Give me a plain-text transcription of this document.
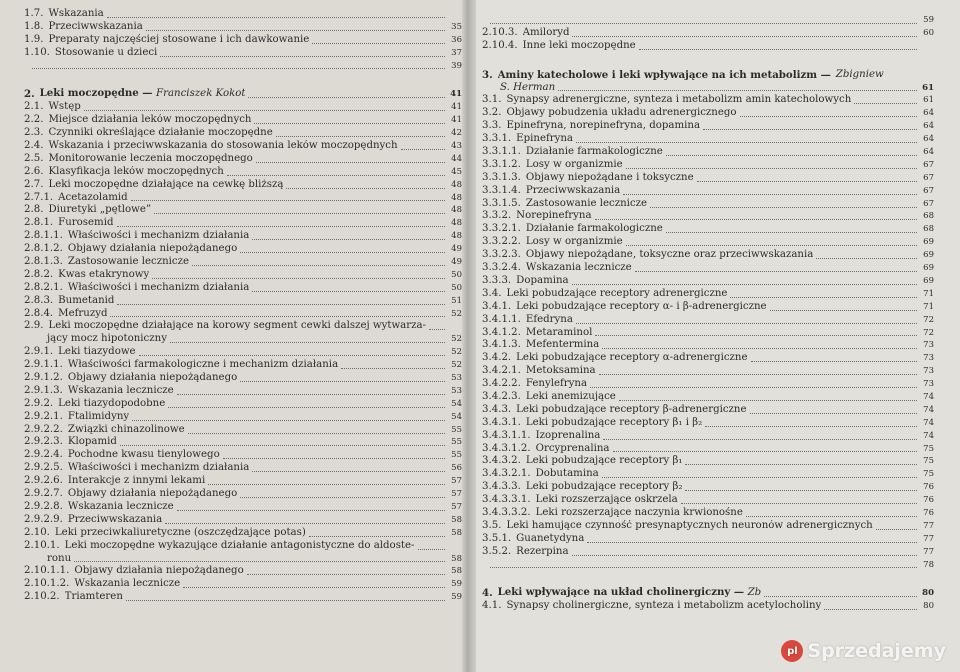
1.7. Wskazania
1.8. Przeciwwskazania	35
1.9. Preparaty najczęściej stosowane i ich dawkowanie	36
1.10. Stosowanie u dzieci	37
39
2. Leki moczopędne — Franciszek Kokot	41
2.1. Wstęp	41
2.2. Miejsce działania leków moczopędnych	41
2.3. Czynniki określające działanie moczopędne	42
2.4. Wskazania i przeciwwskazania do stosowania leków moczopędnych	43
2.5. Monitorowanie leczenia moczopędnego	44
2.6. Klasyfikacja leków moczopędnych	45
2.7. Leki moczopędne działające na cewkę bliższą	48
2.7.1. Acetazolamid	48
2.8. Diuretyki „pętlowe”	48
2.8.1. Furosemid	48
2.8.1.1. Właściwości i mechanizm działania	48
2.8.1.2. Objawy działania niepożądanego	49
2.8.1.3. Zastosowanie lecznicze	49
2.8.2. Kwas etakrynowy	50
2.8.2.1. Właściwości i mechanizm działania	50
2.8.3. Bumetanid	51
2.8.4. Mefruzyd	52
2.9. Leki moczopędne działające na korowy segment cewki dalszej wytwarza-
jący mocz hipotoniczny	52
2.9.1. Leki tiazydowe	52
2.9.1.1. Właściwości farmakologiczne i mechanizm działania	52
2.9.1.2. Objawy działania niepożądanego	53
2.9.1.3. Wskazania lecznicze	53
2.9.2. Leki tiazydopodobne	54
2.9.2.1. Ftalimidyny	54
2.9.2.2. Związki chinazolinowe	55
2.9.2.3. Klopamid	55
2.9.2.4. Pochodne kwasu tienylowego	55
2.9.2.5. Właściwości i mechanizm działania	56
2.9.2.6. Interakcje z innymi lekami	57
2.9.2.7. Objawy działania niepożądanego	57
2.9.2.8. Wskazania lecznicze	57
2.9.2.9. Przeciwwskazania	58
2.10. Leki przeciwkaliuretyczne (oszczędzające potas)	58
2.10.1. Leki moczopędne wykazujące działanie antagonistyczne do aldoste-
ronu	58
2.10.1.1. Objawy działania niepożądanego	58
2.10.1.2. Wskazania lecznicze	59
2.10.2. Triamteren	59
59
2.10.3. Amiloryd	60
2.10.4. Inne leki moczopędne
3. Aminy katecholowe i leki wpływające na ich metabolizm — Zbigniew
S. Herman	61
3.1. Synapsy adrenergiczne, synteza i metabolizm amin katecholowych	61
3.2. Objawy pobudzenia układu adrenergicznego	64
3.3. Epinefryna, norepinefryna, dopamina	64
3.3.1. Epinefryna	64
3.3.1.1. Działanie farmakologiczne	64
3.3.1.2. Losy w organizmie	67
3.3.1.3. Objawy niepożądane i toksyczne	67
3.3.1.4. Przeciwwskazania	67
3.3.1.5. Zastosowanie lecznicze	67
3.3.2. Norepinefryna	68
3.3.2.1. Działanie farmakologiczne	68
3.3.2.2. Losy w organizmie	69
3.3.2.3. Objawy niepożądane, toksyczne oraz przeciwwskazania	69
3.3.2.4. Wskazania lecznicze	69
3.3.3. Dopamina	69
3.4. Leki pobudzające receptory adrenergiczne	71
3.4.1. Leki pobudzające receptory α- i β-adrenergiczne	71
3.4.1.1. Efedryna	72
3.4.1.2. Metaraminol	72
3.4.1.3. Mefentermina	73
3.4.2. Leki pobudzające receptory α-adrenergiczne	73
3.4.2.1. Metoksamina	73
3.4.2.2. Fenylefryna	73
3.4.2.3. Leki anemizujące	74
3.4.3. Leki pobudzające receptory β-adrenergiczne	74
3.4.3.1. Leki pobudzające receptory β₁ i β₂	74
3.4.3.1.1. Izoprenalina	74
3.4.3.1.2. Orcyprenalina	75
3.4.3.2. Leki pobudzające receptory β₁	75
3.4.3.2.1. Dobutamina	75
3.4.3.3. Leki pobudzające receptory β₂	76
3.4.3.3.1. Leki rozszerzające oskrzela	76
3.4.3.3.2. Leki rozszerzające naczynia krwionośne	76
3.5. Leki hamujące czynność presynaptycznych neuronów adrenergicznych	77
3.5.1. Guanetydyna	77
3.5.2. Rezerpina	77
78
4. Leki wpływające na układ cholinergiczny — Zb	80
4.1. Synapsy cholinergiczne, synteza i metabolizm acetylocholiny	80
pl Sprzedajemy
